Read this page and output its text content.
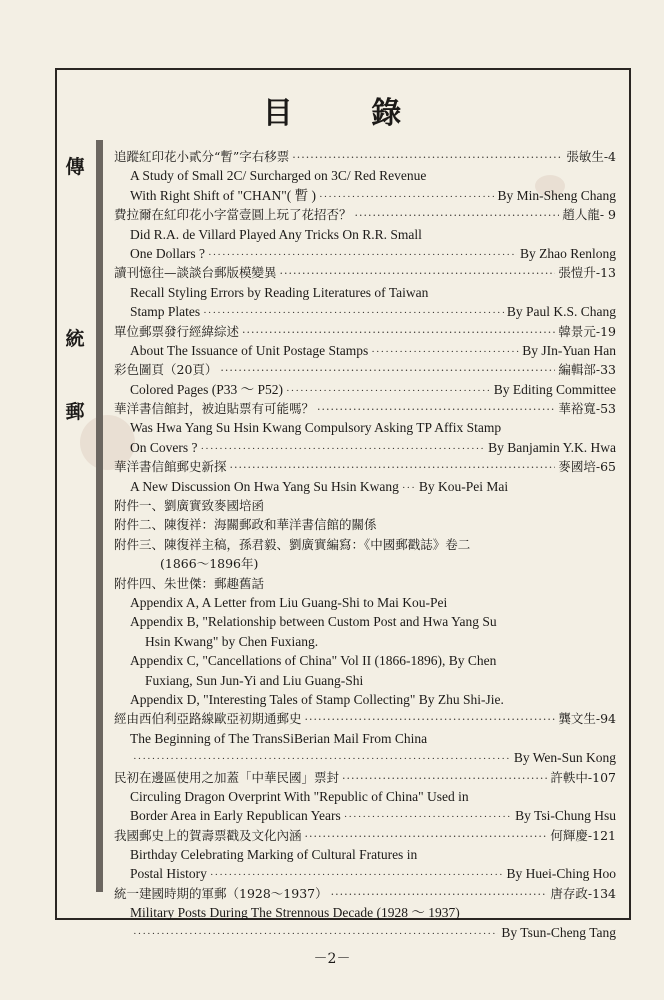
目 錄
傳
統
郵
追蹤紅印花小貳分“暫”字右移票 ·····	張敏生-4
A Study of Small 2C/ Surcharged on 3C/ Red Revenue
With Right Shift of "CHAN"( 暫 ) ·····	By Min-Sheng Chang
費拉爾在紅印花小字當壹圓上玩了花招否？ ·····	趙人龍- 9
Did R.A. de Villard Played Any Tricks On R.R. Small
One Dollars ? ·····	By Zhao Renlong
讀刊憶往—談談台郵版模變異 ·····	張愷升-13
Recall Styling Errors by Reading Literatures of Taiwan
Stamp Plates ·····	By Paul K.S. Chang
單位郵票發行經緯綜述 ·····	韓景元-19
About The Issuance of Unit Postage Stamps ·····	By JIn-Yuan Han
彩色圖頁（20頁） ·····	編輯部-33
Colored Pages (P33 ～ P52) ·····	By Editing Committee
華洋書信館封，被迫貼票有可能嗎？ ·····	華裕寬-53
Was Hwa Yang Su Hsin Kwang Compulsory Asking TP Affix Stamp
On Covers ? ·····	By Banjamin Y.K. Hwa
華洋書信館郵史新探 ·····	麥國培-65
A New Discussion On Hwa Yang Su Hsin Kwang ····· By Kou-Pei Mai
附件一、劉廣實致麥國培函
附件二、陳復祥：海關郵政和華洋書信館的關係
附件三、陳復祥主稿，孫君毅、劉廣實編寫：《中國郵戳誌》卷二
(1866～1896年)
附件四、朱世傑：郵趣舊話
Appendix A, A Letter from Liu Guang-Shi to Mai Kou-Pei
Appendix B, "Relationship between Custom Post and Hwa Yang Su
Hsin Kwang" by Chen Fuxiang.
Appendix C, "Cancellations of China" Vol II (1866-1896), By Chen
Fuxiang, Sun Jun-Yi and Liu Guang-Shi
Appendix D, "Interesting Tales of Stamp Collecting" By Zhu Shi-Jie.
經由西伯利亞路線歐亞初期通郵史 ·····	龔文生-94
The Beginning of The TransSiBerian Mail From China
·····
By Wen-Sun Kong
民初在邊區使用之加蓋「中華民國」票封 ·····	許軼中-107
Circuling Dragon Overprint With "Republic of China" Used in
Border Area in Early Republican Years ·····	By Tsi-Chung Hsu
我國郵史上的賀壽票戳及文化內涵 ·····	何輝慶-121
Birthday Celebrating Marking of Cultural Fratures in
Postal History ·····	By Huei-Ching Hoo
統一建國時期的軍郵（1928～1937） ·····	唐存政-134
Military Posts During The Strennous Decade (1928 ～ 1937)
·····
By Tsun-Cheng Tang
－2－
